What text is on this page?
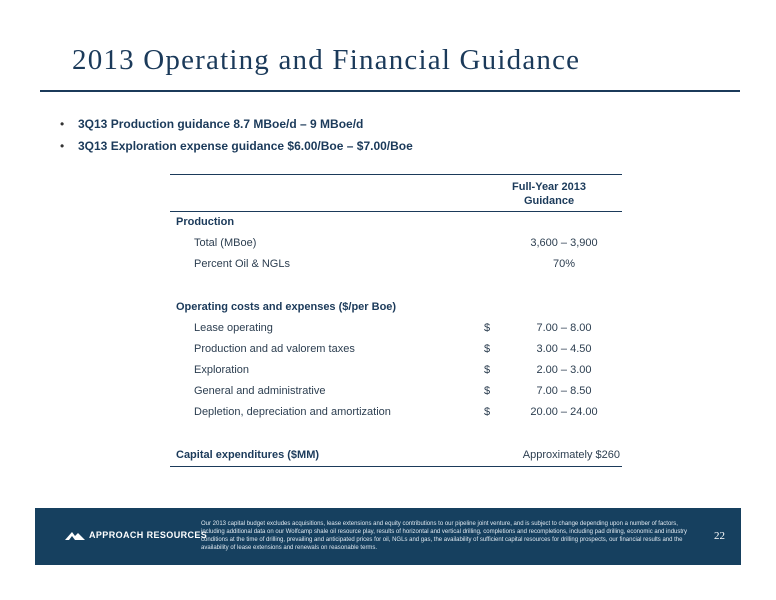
2013 Operating and Financial Guidance
•	3Q13 Production guidance 8.7 MBoe/d – 9 MBoe/d
•	3Q13 Exploration expense guidance $6.00/Boe – $7.00/Boe
Full-Year 2013
Guidance
Production
Total (MBoe)	3,600 – 3,900
Percent Oil & NGLs	70%
Operating costs and expenses ($/per Boe)
Lease operating	$	7.00 – 8.00
Production and ad valorem taxes	$	3.00 – 4.50
Exploration	$	2.00 – 3.00
General and administrative	$	7.00 – 8.50
Depletion, depreciation and amortization	$	20.00 – 24.00
Capital expenditures ($MM)	Approximately $260
APPROACH RESOURCES
Our 2013 capital budget excludes acquisitions, lease extensions and equity contributions to our pipeline joint venture, and is subject to change depending upon a number of factors, including additional data on our Wolfcamp shale oil resource play, results of horizontal and vertical drilling, completions and recompletions, including pad drilling, economic and industry conditions at the time of drilling, prevailing and anticipated prices for oil, NGLs and gas, the availability of sufficient capital resources for drilling prospects, our financial results and the availability of lease extensions and renewals on reasonable terms.
22
